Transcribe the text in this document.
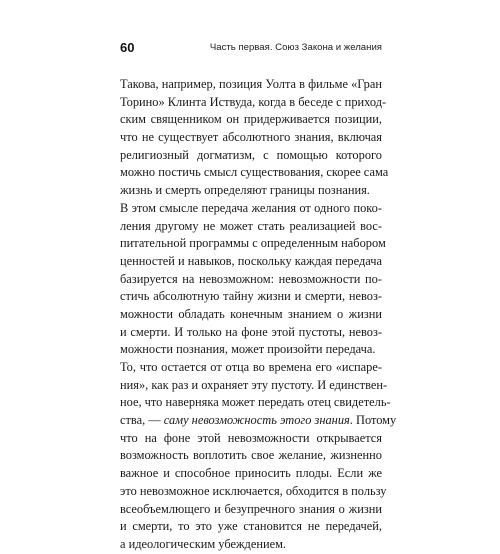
60	Часть первая. Союз Закона и желания
Такова, например, позиция Уолта в фильме «Гран
Торино» Клинта Иствуда, когда в беседе с приход-
ским священником он придерживается позиции,
что не существует абсолютного знания, включая
религиозный догматизм, с помощью которого
можно постичь смысл существования, скорее сама
жизнь и смерть определяют границы познания.
В этом смысле передача желания от одного поко-
ления другому не может стать реализацией вос-
питательной программы с определенным набором
ценностей и навыков, поскольку каждая передача
базируется на невозможном: невозможности по-
стичь абсолютную тайну жизни и смерти, невоз-
можности обладать конечным знанием о жизни
и смерти. И только на фоне этой пустоты, невоз-
можности познания, может произойти передача.
То, что остается от отца во времена его «испаре-
ния», как раз и охраняет эту пустоту. И единствен-
ное, что наверняка может передать отец свидетель-
ства, — саму невозможность этого знания. Потому
что на фоне этой невозможности открывается
возможность воплотить свое желание, жизненно
важное и способное приносить плоды. Если же
это невозможное исключается, обходится в пользу
всеобъемлющего и безупречного знания о жизни
и смерти, то это уже становится не передачей,
а идеологическим убеждением.
